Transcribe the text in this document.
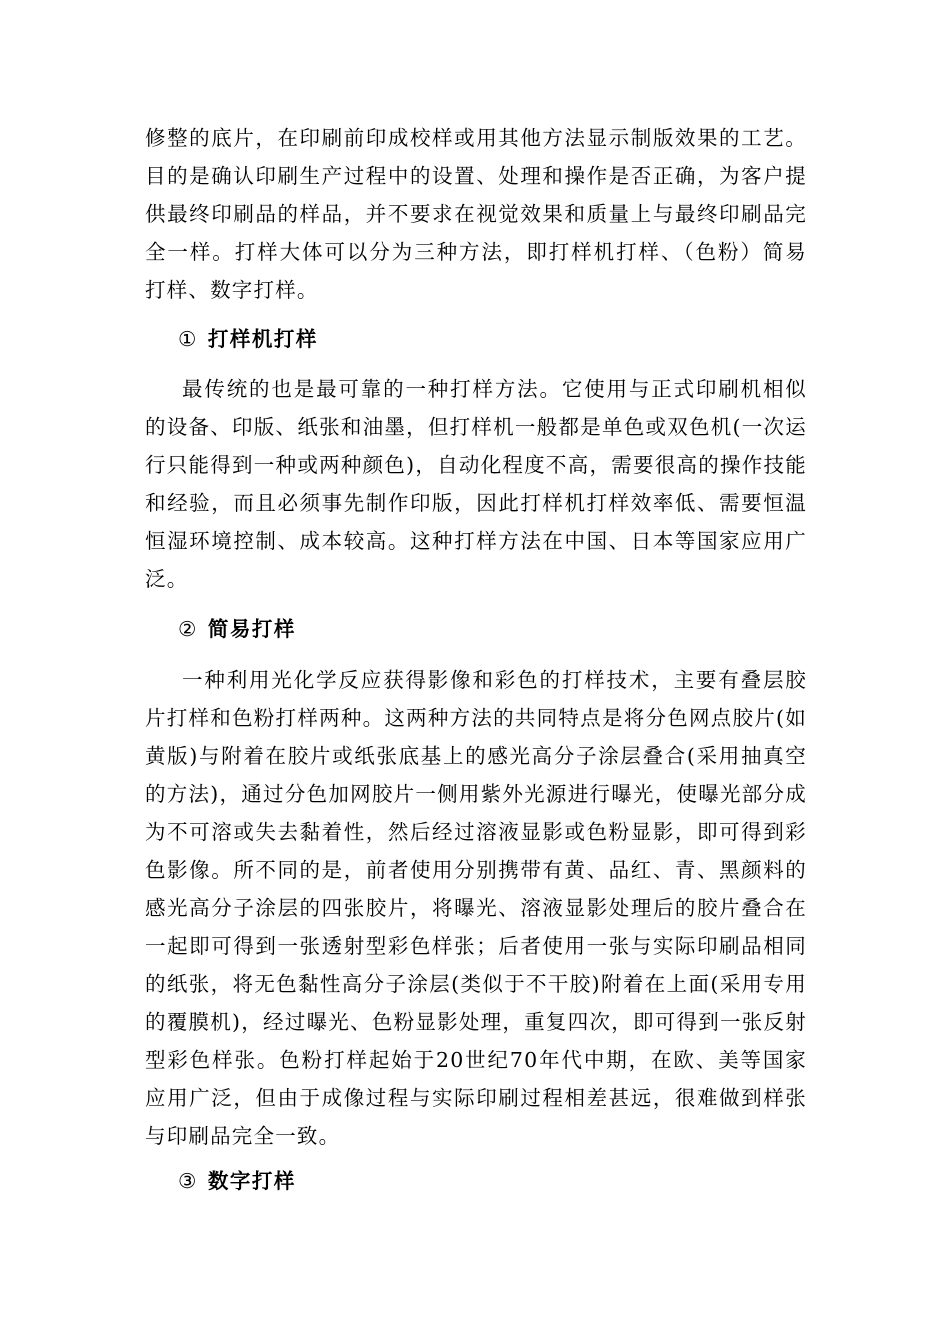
修整的底片，在印刷前印成校样或用其他方法显示制版效果的工艺。目的是确认印刷生产过程中的设置、处理和操作是否正确，为客户提供最终印刷品的样品，并不要求在视觉效果和质量上与最终印刷品完全一样。打样大体可以分为三种方法，即打样机打样、（色粉）简易打样、数字打样。

① 打样机打样

最传统的也是最可靠的一种打样方法。它使用与正式印刷机相似的设备、印版、纸张和油墨，但打样机一般都是单色或双色机(一次运行只能得到一种或两种颜色)，自动化程度不高，需要很高的操作技能和经验，而且必须事先制作印版，因此打样机打样效率低、需要恒温恒湿环境控制、成本较高。这种打样方法在中国、日本等国家应用广泛。

② 简易打样

一种利用光化学反应获得影像和彩色的打样技术，主要有叠层胶片打样和色粉打样两种。这两种方法的共同特点是将分色网点胶片(如黄版)与附着在胶片或纸张底基上的感光高分子涂层叠合(采用抽真空的方法)，通过分色加网胶片一侧用紫外光源进行曝光，使曝光部分成为不可溶或失去黏着性，然后经过溶液显影或色粉显影，即可得到彩色影像。所不同的是，前者使用分别携带有黄、品红、青、黑颜料的感光高分子涂层的四张胶片，将曝光、溶液显影处理后的胶片叠合在一起即可得到一张透射型彩色样张；后者使用一张与实际印刷品相同的纸张，将无色黏性高分子涂层(类似于不干胶)附着在上面(采用专用的覆膜机)，经过曝光、色粉显影处理，重复四次，即可得到一张反射型彩色样张。色粉打样起始于20世纪70年代中期，在欧、美等国家应用广泛，但由于成像过程与实际印刷过程相差甚远，很难做到样张与印刷品完全一致。

③ 数字打样
